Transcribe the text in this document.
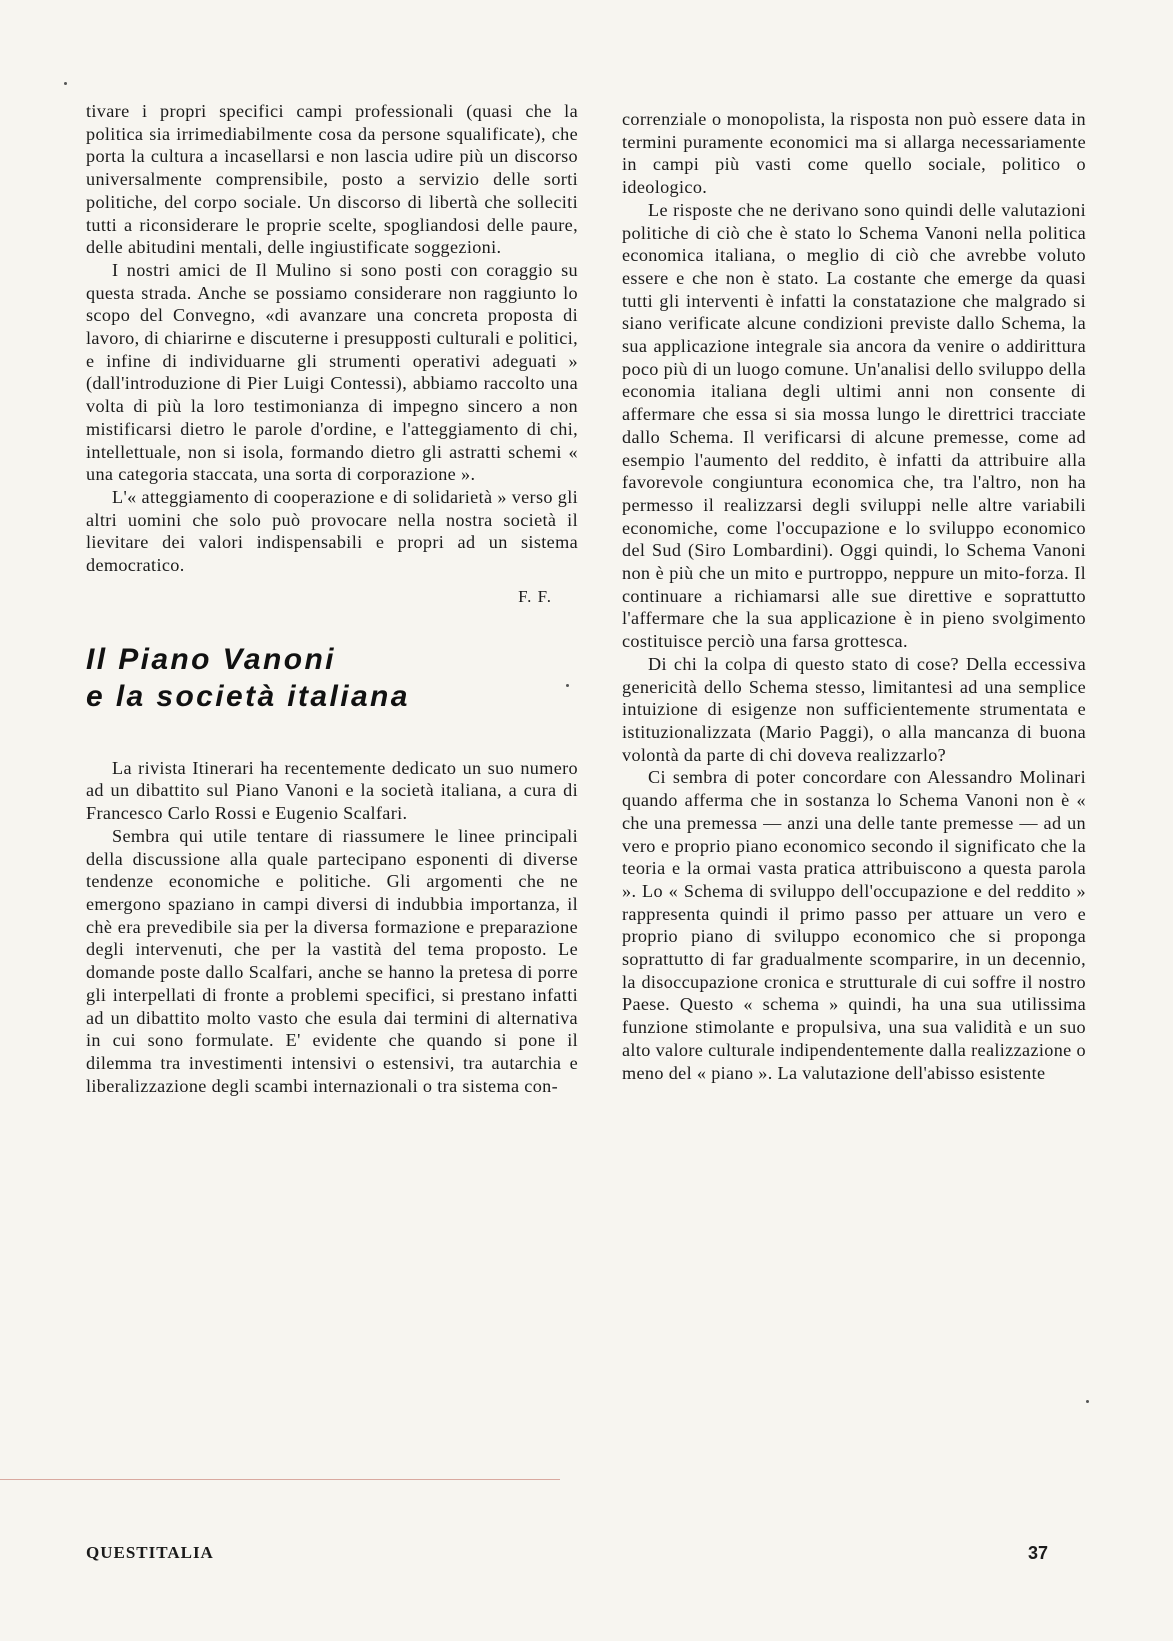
tivare i propri specifici campi professionali (quasi che la politica sia irrimediabilmente cosa da persone squalificate), che porta la cultura a incasellarsi e non lascia udire più un discorso universalmente comprensibile, posto a servizio delle sorti politiche, del corpo sociale. Un discorso di libertà che solleciti tutti a riconsiderare le proprie scelte, spogliandosi delle paure, delle abitudini mentali, delle ingiustificate soggezioni.

I nostri amici de Il Mulino si sono posti con coraggio su questa strada. Anche se possiamo considerare non raggiunto lo scopo del Convegno, «di avanzare una concreta proposta di lavoro, di chiarirne e discuterne i presupposti culturali e politici, e infine di individuarne gli strumenti operativi adeguati » (dall'introduzione di Pier Luigi Contessi), abbiamo raccolto una volta di più la loro testimonianza di impegno sincero a non mistificarsi dietro le parole d'ordine, e l'atteggiamento di chi, intellettuale, non si isola, formando dietro gli astratti schemi « una categoria staccata, una sorta di corporazione ».

L'« atteggiamento di cooperazione e di solidarietà » verso gli altri uomini che solo può provocare nella nostra società il lievitare dei valori indispensabili e propri ad un sistema democratico.

F. F.
Il Piano Vanoni
e la società italiana

La rivista Itinerari ha recentemente dedicato un suo numero ad un dibattito sul Piano Vanoni e la società italiana, a cura di Francesco Carlo Rossi e Eugenio Scalfari.

Sembra qui utile tentare di riassumere le linee principali della discussione alla quale partecipano esponenti di diverse tendenze economiche e politiche. Gli argomenti che ne emergono spaziano in campi diversi di indubbia importanza, il chè era prevedibile sia per la diversa formazione e preparazione degli intervenuti, che per la vastità del tema proposto. Le domande poste dallo Scalfari, anche se hanno la pretesa di porre gli interpellati di fronte a problemi specifici, si prestano infatti ad un dibattito molto vasto che esula dai termini di alternativa in cui sono formulate. E' evidente che quando si pone il dilemma tra investimenti intensivi o estensivi, tra autarchia e liberalizzazione degli scambi internazionali o tra sistema con-

correnziale o monopolista, la risposta non può essere data in termini puramente economici ma si allarga necessariamente in campi più vasti come quello sociale, politico o ideologico.

Le risposte che ne derivano sono quindi delle valutazioni politiche di ciò che è stato lo Schema Vanoni nella politica economica italiana, o meglio di ciò che avrebbe voluto essere e che non è stato. La costante che emerge da quasi tutti gli interventi è infatti la constatazione che malgrado si siano verificate alcune condizioni previste dallo Schema, la sua applicazione integrale sia ancora da venire o addirittura poco più di un luogo comune. Un'analisi dello sviluppo della economia italiana degli ultimi anni non consente di affermare che essa si sia mossa lungo le direttrici tracciate dallo Schema. Il verificarsi di alcune premesse, come ad esempio l'aumento del reddito, è infatti da attribuire alla favorevole congiuntura economica che, tra l'altro, non ha permesso il realizzarsi degli sviluppi nelle altre variabili economiche, come l'occupazione e lo sviluppo economico del Sud (Siro Lombardini). Oggi quindi, lo Schema Vanoni non è più che un mito e purtroppo, neppure un mito-forza. Il continuare a richiamarsi alle sue direttive e soprattutto l'affermare che la sua applicazione è in pieno svolgimento costituisce perciò una farsa grottesca.

Di chi la colpa di questo stato di cose? Della eccessiva genericità dello Schema stesso, limitantesi ad una semplice intuizione di esigenze non sufficientemente strumentata e istituzionalizzata (Mario Paggi), o alla mancanza di buona volontà da parte di chi doveva realizzarlo?

Ci sembra di poter concordare con Alessandro Molinari quando afferma che in sostanza lo Schema Vanoni non è « che una premessa — anzi una delle tante premesse — ad un vero e proprio piano economico secondo il significato che la teoria e la ormai vasta pratica attribuiscono a questa parola ». Lo « Schema di sviluppo dell'occupazione e del reddito » rappresenta quindi il primo passo per attuare un vero e proprio piano di sviluppo economico che si proponga soprattutto di far gradualmente scomparire, in un decennio, la disoccupazione cronica e strutturale di cui soffre il nostro Paese. Questo « schema » quindi, ha una sua utilissima funzione stimolante e propulsiva, una sua validità e un suo alto valore culturale indipendentemente dalla realizzazione o meno del « piano ». La valutazione dell'abisso esistente

QUESTITALIA	37
